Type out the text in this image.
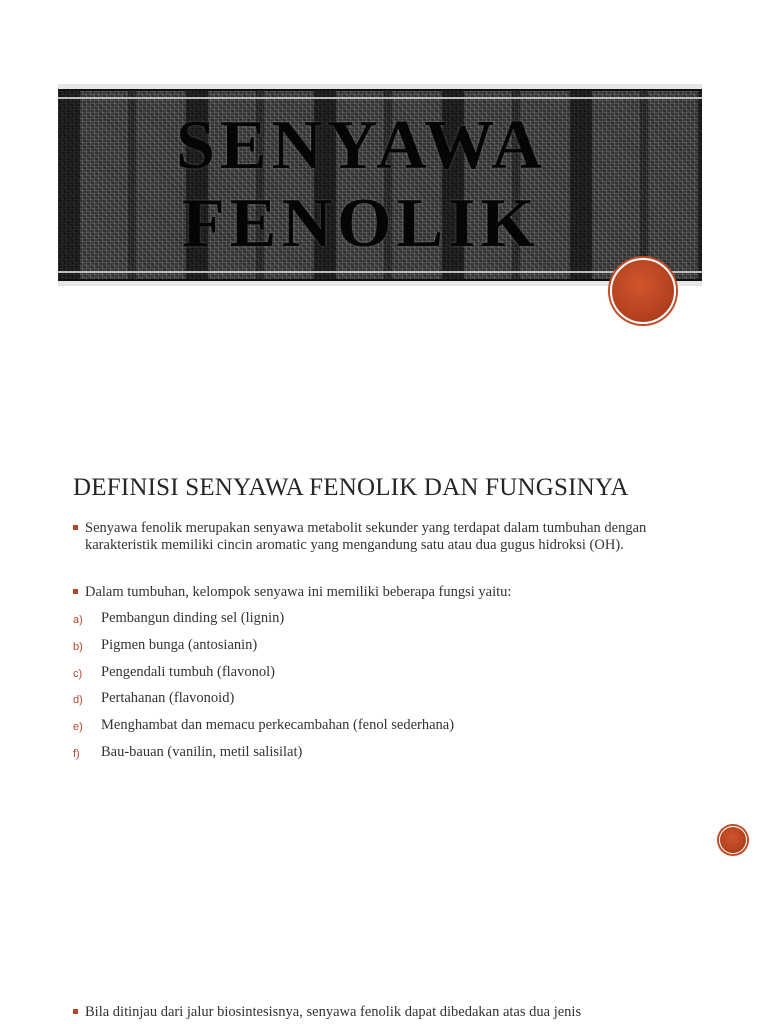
SENYAWA
FENOLIK
DEFINISI SENYAWA FENOLIK DAN FUNGSINYA
Senyawa fenolik merupakan senyawa metabolit sekunder yang terdapat dalam tumbuhan dengan karakteristik memiliki cincin aromatic yang mengandung satu atau dua gugus hidroksi (OH).
Dalam tumbuhan, kelompok senyawa ini memiliki beberapa fungsi yaitu:
a) Pembangun dinding sel (lignin)
b) Pigmen bunga (antosianin)
c) Pengendali tumbuh (flavonol)
d) Pertahanan (flavonoid)
e) Menghambat dan memacu perkecambahan (fenol sederhana)
f) Bau-bauan (vanilin, metil salisilat)
Bila ditinjau dari jalur biosintesisnya, senyawa fenolik dapat dibedakan atas dua jenis
